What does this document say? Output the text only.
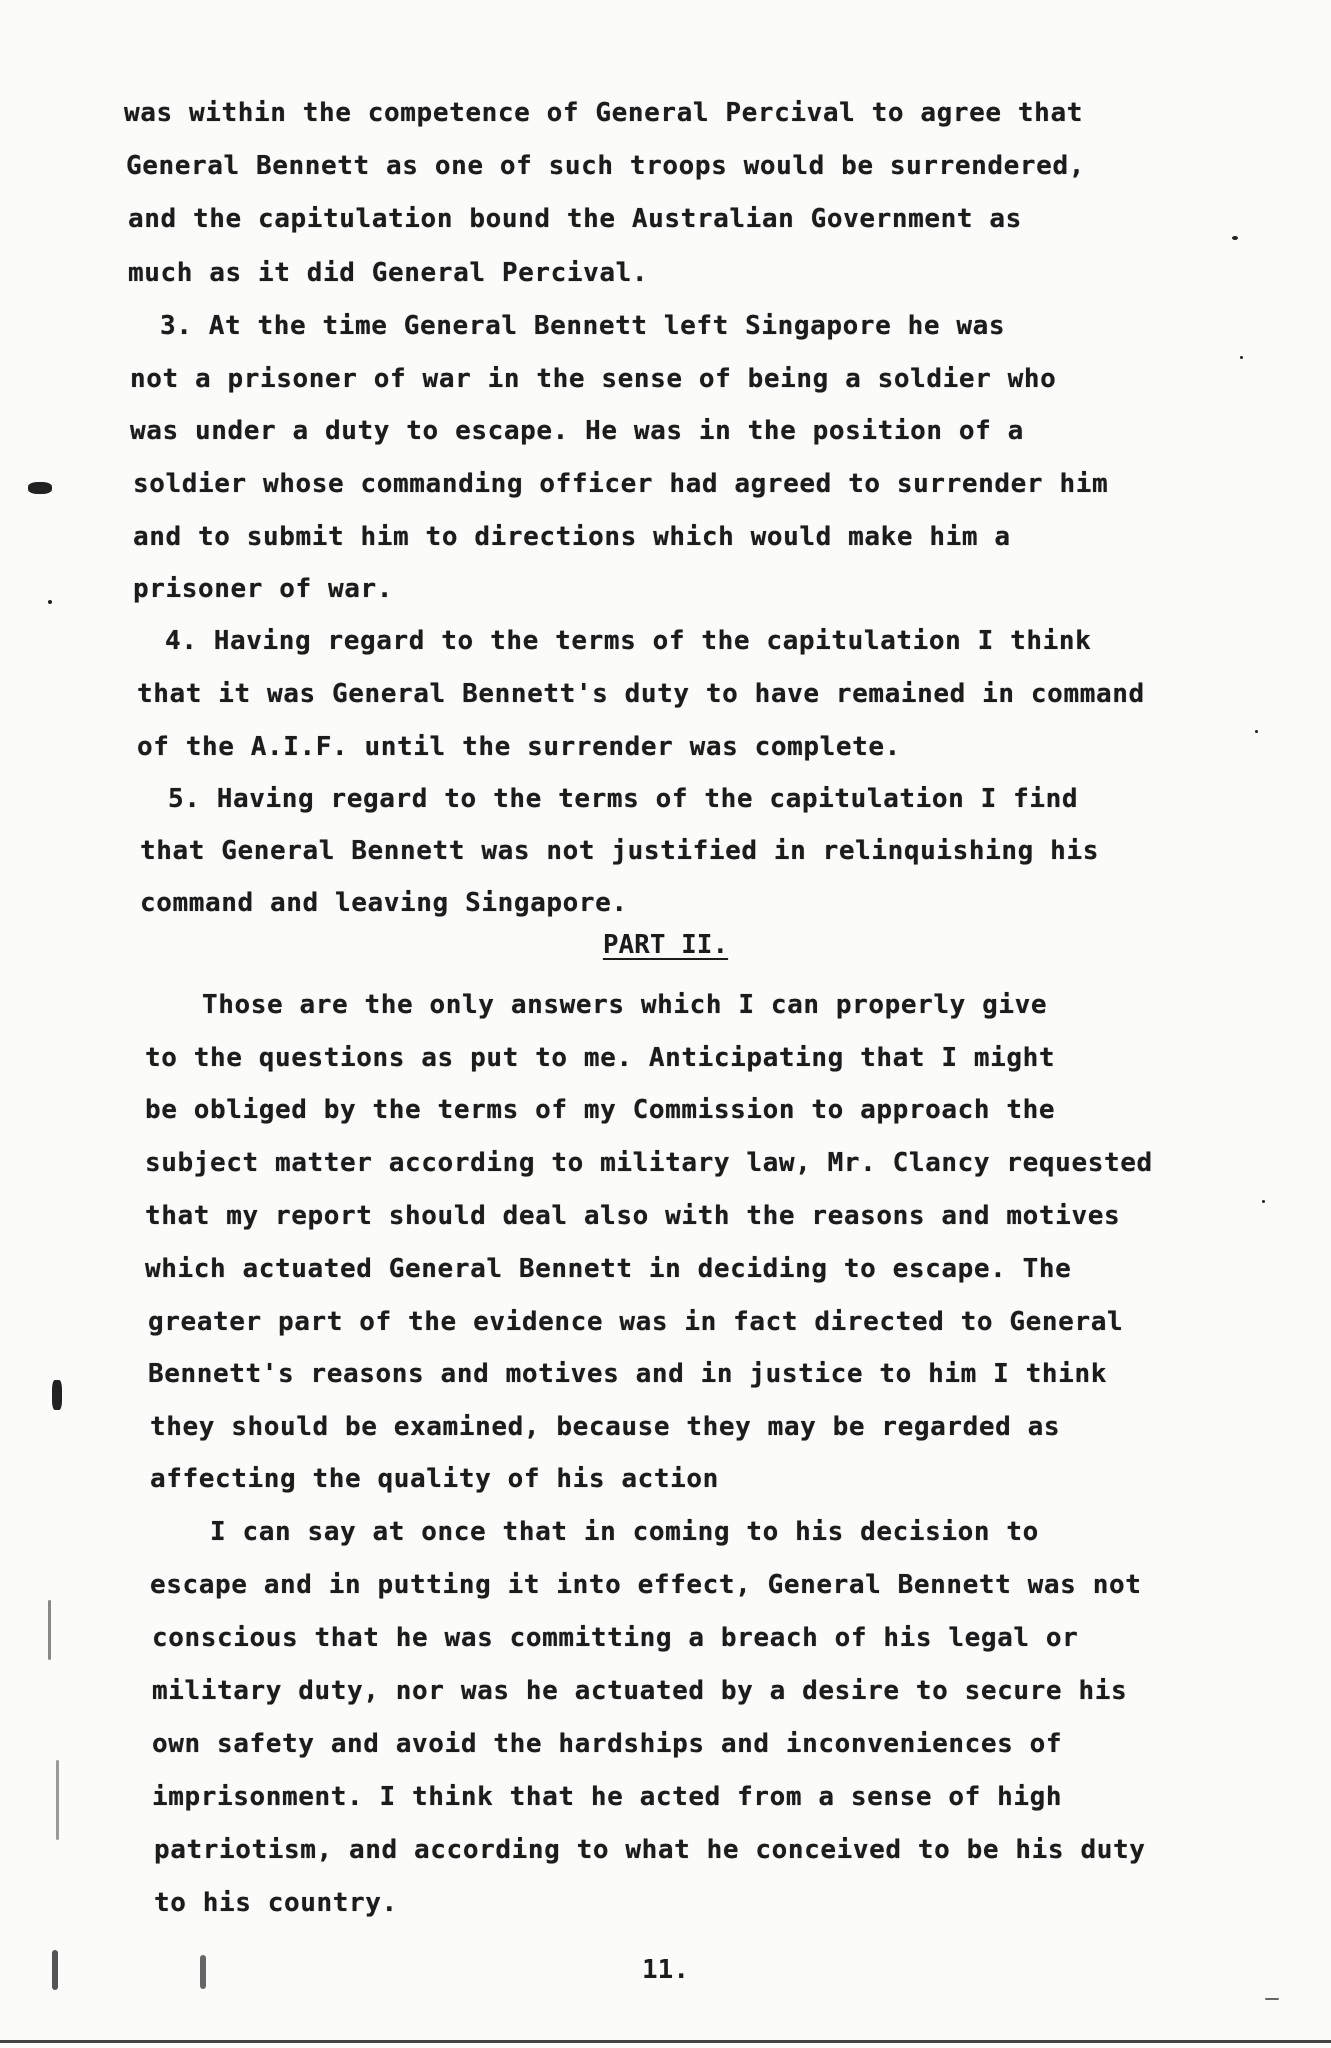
was within the competence of General Percival to agree that
General Bennett as one of such troops would be surrendered,
and the capitulation bound the Australian Government as
much as it did General Percival.
3. At the time General Bennett left Singapore he was
not a prisoner of war in the sense of being a soldier who
was under a duty to escape. He was in the position of a
soldier whose commanding officer had agreed to surrender him
and to submit him to directions which would make him a
prisoner of war.
4. Having regard to the terms of the capitulation I think
that it was General Bennett's duty to have remained in command
of the A.I.F. until the surrender was complete.
5. Having regard to the terms of the capitulation I find
that General Bennett was not justified in relinquishing his
command and leaving Singapore.
PART II.
Those are the only answers which I can properly give
to the questions as put to me. Anticipating that I might
be obliged by the terms of my Commission to approach the
subject matter according to military law, Mr. Clancy requested
that my report should deal also with the reasons and motives
which actuated General Bennett in deciding to escape. The
greater part of the evidence was in fact directed to General
Bennett's reasons and motives and in justice to him I think
they should be examined, because they may be regarded as
affecting the quality of his action
I can say at once that in coming to his decision to
escape and in putting it into effect, General Bennett was not
conscious that he was committing a breach of his legal or
military duty, nor was he actuated by a desire to secure his
own safety and avoid the hardships and inconveniences of
imprisonment. I think that he acted from a sense of high
patriotism, and according to what he conceived to be his duty
to his country.
11.
